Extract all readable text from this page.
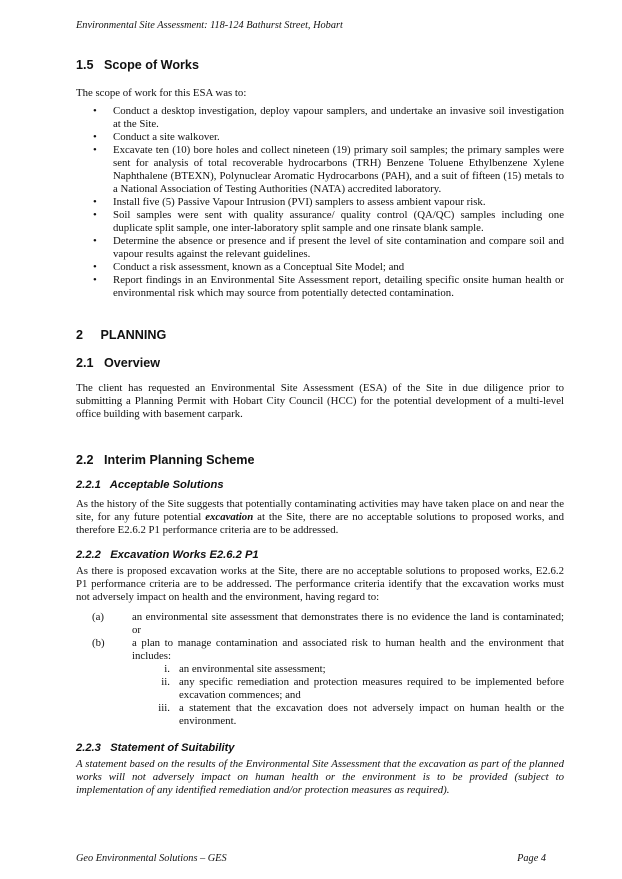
Environmental Site Assessment: 118-124 Bathurst Street, Hobart
1.5   Scope of Works

The scope of work for this ESA was to:

• Conduct a desktop investigation, deploy vapour samplers, and undertake an invasive soil investigation at the Site.
• Conduct a site walkover.
• Excavate ten (10) bore holes and collect nineteen (19) primary soil samples; the primary samples were sent for analysis of total recoverable hydrocarbons (TRH) Benzene Toluene Ethylbenzene Xylene Naphthalene (BTEXN), Polynuclear Aromatic Hydrocarbons (PAH), and a suit of fifteen (15) metals to a National Association of Testing Authorities (NATA) accredited laboratory.
• Install five (5) Passive Vapour Intrusion (PVI) samplers to assess ambient vapour risk.
• Soil samples were sent with quality assurance/ quality control (QA/QC) samples including one duplicate split sample, one inter-laboratory split sample and one rinsate blank sample.
• Determine the absence or presence and if present the level of site contamination and compare soil and vapour results against the relevant guidelines.
• Conduct a risk assessment, known as a Conceptual Site Model; and
• Report findings in an Environmental Site Assessment report, detailing specific onsite human health or environmental risk which may source from potentially detected contamination.
2     PLANNING
2.1   Overview

The client has requested an Environmental Site Assessment (ESA) of the Site in due diligence prior to submitting a Planning Permit with Hobart City Council (HCC) for the potential development of a multi-level office building with basement carpark.

2.2   Interim Planning Scheme
2.2.1   Acceptable Solutions

As the history of the Site suggests that potentially contaminating activities may have taken place on and near the site, for any future potential excavation at the Site, there are no acceptable solutions to proposed works, and therefore E2.6.2 P1 performance criteria are to be addressed.

2.2.2   Excavation Works E2.6.2 P1

As there is proposed excavation works at the Site, there are no acceptable solutions to proposed works, E2.6.2 P1 performance criteria are to be addressed. The performance criteria identify that the excavation works must not adversely impact on health and the environment, having regard to:

(a)	an environmental site assessment that demonstrates there is no evidence the land is contaminated; or
(b)	a plan to manage contamination and associated risk to human health and the environment that includes:
i. an environmental site assessment;
ii. any specific remediation and protection measures required to be implemented before excavation commences; and
iii. a statement that the excavation does not adversely impact on human health or the environment.
2.2.3   Statement of Suitability

A statement based on the results of the Environmental Site Assessment that the excavation as part of the planned works will not adversely impact on human health or the environment is to be provided (subject to implementation of any identified remediation and/or protection measures as required).

Geo Environmental Solutions – GES	Page 4
